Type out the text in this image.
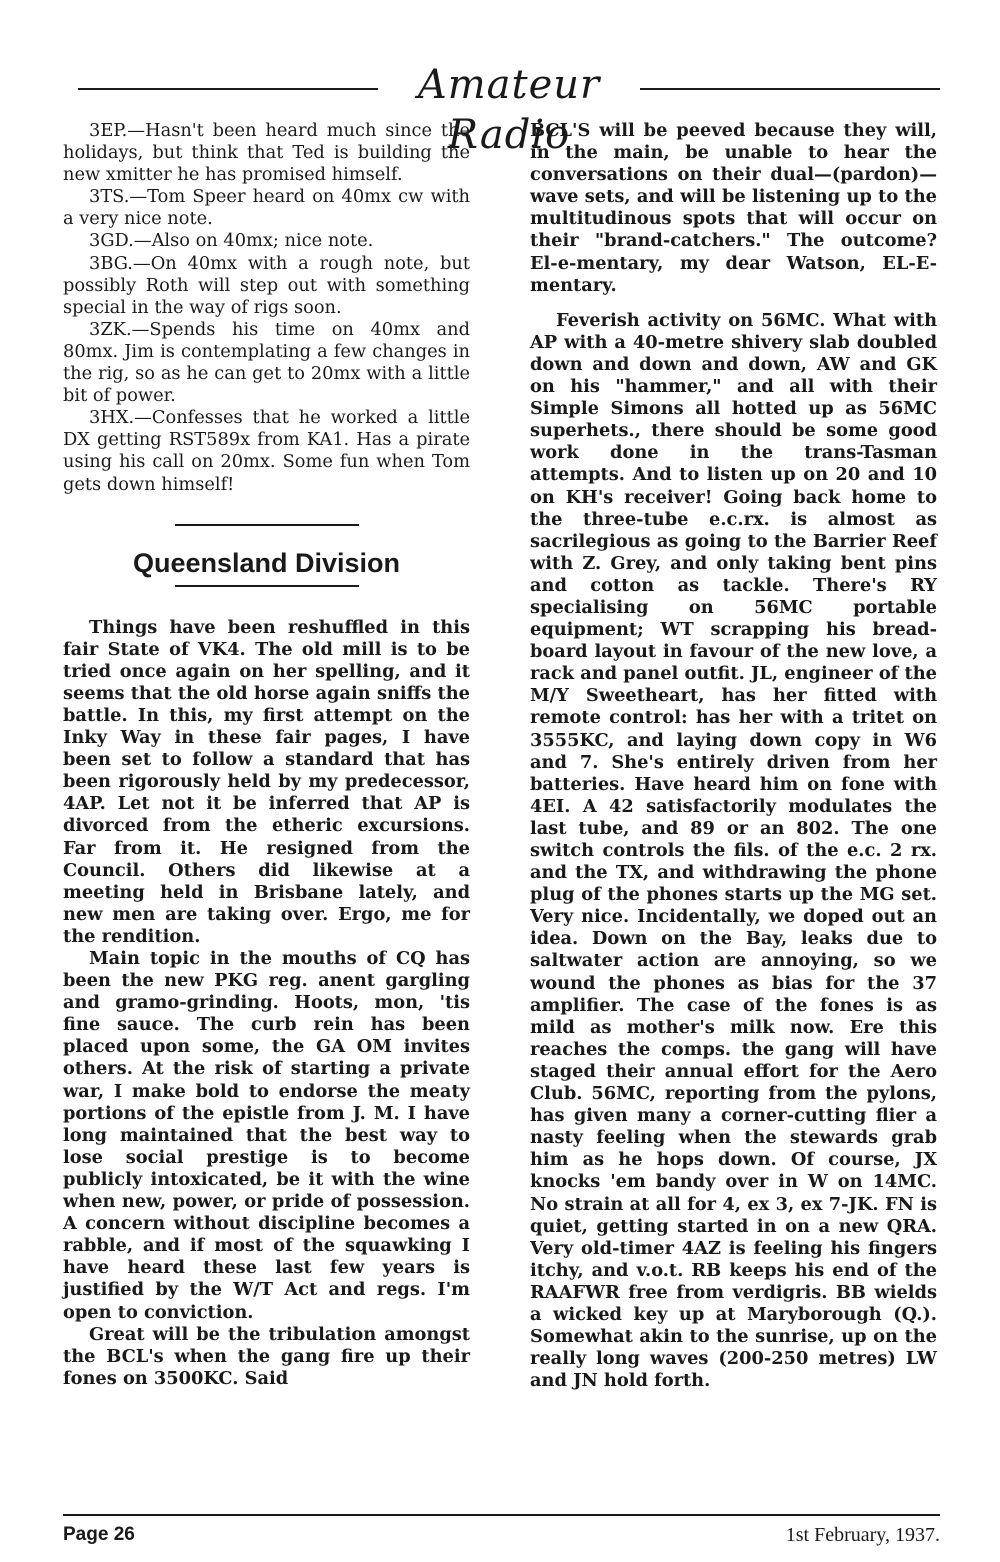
Amateur Radio

3EP.—Hasn't been heard much since the holidays, but think that Ted is building the new xmitter he has promised himself.

3TS.—Tom Speer heard on 40mx cw with a very nice note.

3GD.—Also on 40mx; nice note.

3BG.—On 40mx with a rough note, but possibly Roth will step out with something special in the way of rigs soon.

3ZK.—Spends his time on 40mx and 80mx. Jim is contemplating a few changes in the rig, so as he can get to 20mx with a little bit of power.

3HX.—Confesses that he worked a little DX getting RST589x from KA1. Has a pirate using his call on 20mx. Some fun when Tom gets down himself!

Queensland Division

Things have been reshuffled in this fair State of VK4. The old mill is to be tried once again on her spelling, and it seems that the old horse again sniffs the battle. In this, my first attempt on the Inky Way in these fair pages, I have been set to follow a standard that has been rigorously held by my predecessor, 4AP. Let not it be inferred that AP is divorced from the etheric excursions. Far from it. He resigned from the Council. Others did likewise at a meeting held in Brisbane lately, and new men are taking over. Ergo, me for the rendition.

Main topic in the mouths of CQ has been the new PKG reg. anent gargling and gramo-grinding. Hoots, mon, 'tis fine sauce. The curb rein has been placed upon some, the GA OM invites others. At the risk of starting a private war, I make bold to endorse the meaty portions of the epistle from J. M. I have long maintained that the best way to lose social prestige is to become publicly intoxicated, be it with the wine when new, power, or pride of possession. A concern without discipline becomes a rabble, and if most of the squawking I have heard these last few years is justified by the W/T Act and regs. I'm open to conviction.

Great will be the tribulation amongst the BCL's when the gang fire up their fones on 3500KC. Said

BCL'S will be peeved because they will, in the main, be unable to hear the conversations on their dual—(pardon)—wave sets, and will be listening up to the multitudinous spots that will occur on their "brand-catchers." The outcome? El-e-mentary, my dear Watson, EL-E-mentary.

Feverish activity on 56MC. What with AP with a 40-metre shivery slab doubled down and down and down, AW and GK on his "hammer," and all with their Simple Simons all hotted up as 56MC superhets., there should be some good work done in the trans-Tasman attempts. And to listen up on 20 and 10 on KH's receiver! Going back home to the three-tube e.c.rx. is almost as sacrilegious as going to the Barrier Reef with Z. Grey, and only taking bent pins and cotton as tackle. There's RY specialising on 56MC portable equipment; WT scrapping his bread-board layout in favour of the new love, a rack and panel outfit. JL, engineer of the M/Y Sweetheart, has her fitted with remote control: has her with a tritet on 3555KC, and laying down copy in W6 and 7. She's entirely driven from her batteries. Have heard him on fone with 4EI. A 42 satisfactorily modulates the last tube, and 89 or an 802. The one switch controls the fils. of the e.c. 2 rx. and the TX, and withdrawing the phone plug of the phones starts up the MG set. Very nice. Incidentally, we doped out an idea. Down on the Bay, leaks due to saltwater action are annoying, so we wound the phones as bias for the 37 amplifier. The case of the fones is as mild as mother's milk now. Ere this reaches the comps. the gang will have staged their annual effort for the Aero Club. 56MC, reporting from the pylons, has given many a corner-cutting flier a nasty feeling when the stewards grab him as he hops down. Of course, JX knocks 'em bandy over in W on 14MC. No strain at all for 4, ex 3, ex 7-JK. FN is quiet, getting started in on a new QRA. Very old-timer 4AZ is feeling his fingers itchy, and v.o.t. RB keeps his end of the RAAFWR free from verdigris. BB wields a wicked key up at Maryborough (Q.). Somewhat akin to the sunrise, up on the really long waves (200-250 metres) LW and JN hold forth.

Page 26	1st February, 1937.
